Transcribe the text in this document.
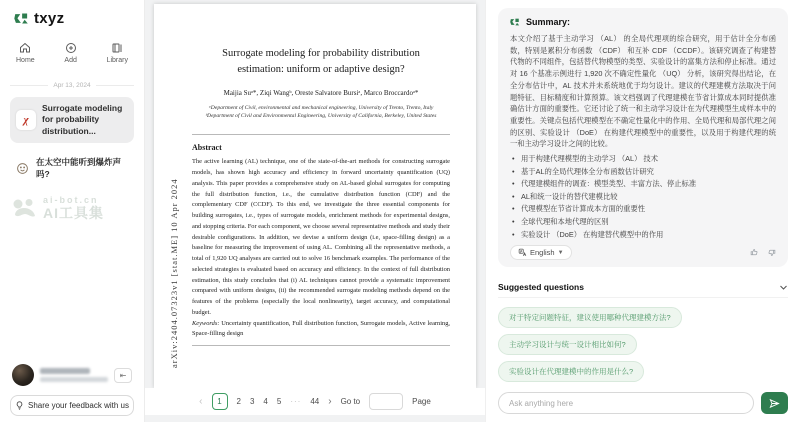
txyz
Home	Add	Library
Apr 13, 2024
χ
Surrogate modeling for probability distribution...
在太空中能听到爆炸声吗?
ai-bot.cn
AI工具集
⇤
Share your feedback with us
arXiv:2404.07323v1 [stat.ME] 10 Apr 2024
Surrogate modeling for probability distribution estimation: uniform or adaptive design?
Maijia Suᵃ*, Ziqi Wangᵇ, Oreste Salvatore Bursiᵃ, Marco Broccardoᵃ*
ᵃDepartment of Civil, environmental and mechanical engineering, University of Trento, Trento, Italy
ᵇDepartment of Civil and Environmental Engineering, University of California, Berkeley, United States
Abstract
The active learning (AL) technique, one of the state-of-the-art methods for constructing surrogate models, has shown high accuracy and efficiency in forward uncertainty quantification (UQ) analysis. This paper provides a comprehensive study on AL-based global surrogates for computing the full distribution function, i.e., the cumulative distribution function (CDF) and the complementary CDF (CCDF). To this end, we investigate the three essential components for building surrogates, i.e., types of surrogate models, enrichment methods for experimental designs, and stopping criteria. For each component, we choose several representative methods and study their desirable configurations. In addition, we devise a uniform design (i.e, space-filling design) as a baseline for measuring the improvement of using AL. Combining all the representative methods, a total of 1,920 UQ analyses are carried out to solve 16 benchmark examples. The performance of the selected strategies is evaluated based on accuracy and efficiency. In the context of full distribution estimation, this study concludes that (i) AL techniques cannot provide a systematic improvement compared with uniform designs, (ii) the recommended surrogate modeling methods depend on the features of the problems (especially the local nonlinearity), target accuracy, and computational budget.
Keywords: Uncertainty quantification, Full distribution function, Surrogate models, Active learning, Space-filling design
‹	1	2 3 4 5 ··· 44 › Go to	Page
Summary:
本文介绍了基于主动学习 （AL） 的全局代理项的综合研究，用于估计全分布函数，特别是累积分布函数 （CDF） 和互补 CDF （CCDF）。该研究调查了构建替代物的不同组件，包括替代物模型的类型、实验设计的富集方法和停止标准。通过对 16 个基准示例进行 1,920 次不确定性量化 （UQ） 分析，该研究得出结论，在全分布估计中，AL 技术并未系统地优于均匀设计。建议的代理建模方法取决于问题特征、目标精度和计算预算。该文档强调了代理建模在节省计算成本同时提供准确估计方面的重要性。它还讨论了统一和主动学习设计在为代理模型生成样本中的重要性。关键点包括代理模型在不确定性量化中的作用、全局代理和局部代理之间的区别、实验设计 （DoE） 在构建代理模型中的重要性，以及用于构建代理的统一和主动学习设计之间的比较。
• 用于构建代理模型的主动学习 （AL） 技术
• 基于AL的全局代理体全分布函数估计研究
• 代理建模组件的调查：模型类型、丰富方法、停止标准
• AL和统一设计的替代建模比较
• 代理模型在节省计算成本方面的重要性
• 全球代理和本地代理的区别
• 实验设计 （DoE） 在构建替代模型中的作用
English ▼
Suggested questions
对于特定问题特征，建议使用哪种代理建模方法?
主动学习设计与统一设计相比如何?
实验设计在代理建模中的作用是什么?
Ask anything here
